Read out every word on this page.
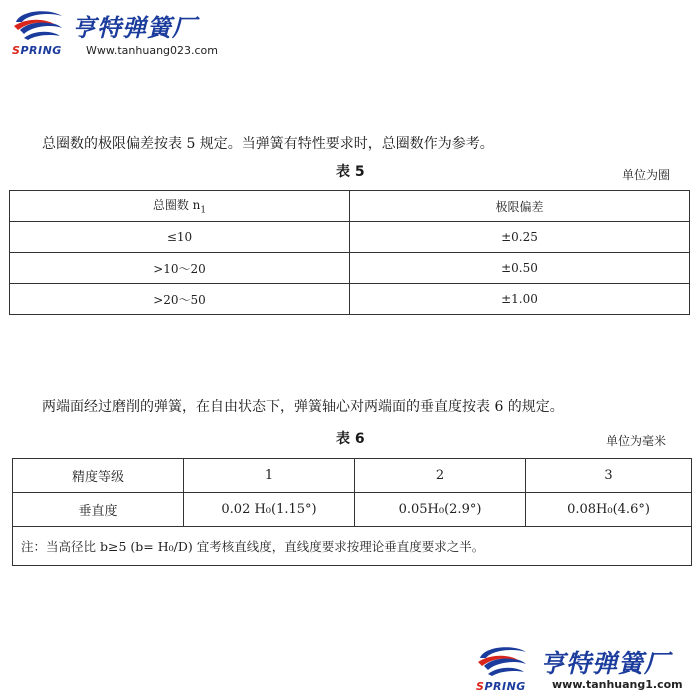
SPRING
亨特弹簧厂
Www.tanhuang023.com
总圈数的极限偏差按表 5 规定。当弹簧有特性要求时，总圈数作为参考。
表 5	单位为圈
总圈数 $n_1$	极限偏差
≤10	±0.25
>10～20	±0.50
>20～50	±1.00
两端面经过磨削的弹簧，在自由状态下，弹簧轴心对两端面的垂直度按表 6 的规定。
表 6	单位为毫米
精度等级	1	2	3
垂直度	0.02 H₀(1.15°)	0.05H₀(2.9°)	0.08H₀(4.6°)
注：当高径比 b≥5 (b= H₀/D) 宜考核直线度，直线度要求按理论垂直度要求之半。			
SPRING
亨特弹簧厂
www.tanhuang1.com
